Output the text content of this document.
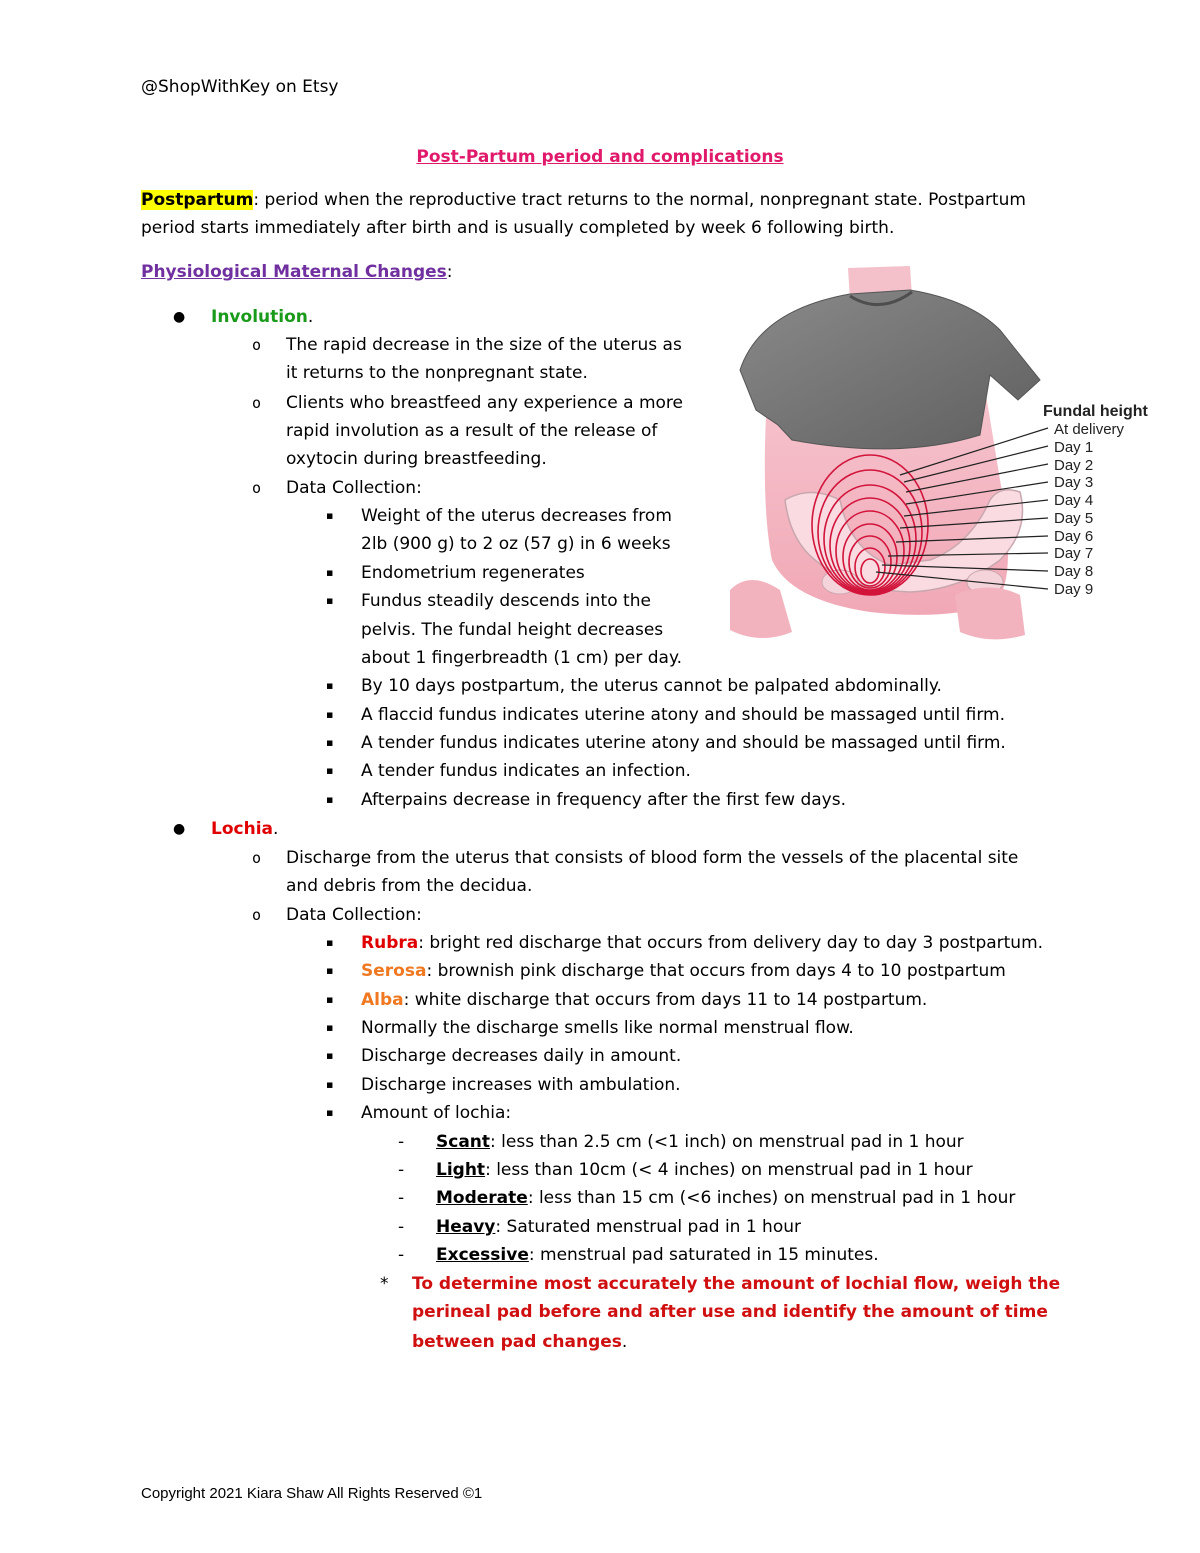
@ShopWithKey on Etsy
Post-Partum period and complications
Postpartum: period when the reproductive tract returns to the normal, nonpregnant state. Postpartum
period starts immediately after birth and is usually completed by week 6 following birth.
Physiological Maternal Changes:
● Involution.
o The rapid decrease in the size of the uterus as
it returns to the nonpregnant state.
o Clients who breastfeed any experience a more
rapid involution as a result of the release of
oxytocin during breastfeeding.
o Data Collection:
▪ Weight of the uterus decreases from
2lb (900 g) to 2 oz (57 g) in 6 weeks
▪ Endometrium regenerates
▪ Fundus steadily descends into the
pelvis. The fundal height decreases
about 1 fingerbreadth (1 cm) per day.
▪ By 10 days postpartum, the uterus cannot be palpated abdominally.
▪ A flaccid fundus indicates uterine atony and should be massaged until firm.
▪ A tender fundus indicates uterine atony and should be massaged until firm.
▪ A tender fundus indicates an infection.
▪ Afterpains decrease in frequency after the first few days.
● Lochia.
o Discharge from the uterus that consists of blood form the vessels of the placental site
and debris from the decidua.
o Data Collection:
▪ Rubra: bright red discharge that occurs from delivery day to day 3 postpartum.
▪ Serosa: brownish pink discharge that occurs from days 4 to 10 postpartum
▪ Alba: white discharge that occurs from days 11 to 14 postpartum.
▪ Normally the discharge smells like normal menstrual flow.
▪ Discharge decreases daily in amount.
▪ Discharge increases with ambulation.
▪ Amount of lochia:
- Scant: less than 2.5 cm (<1 inch) on menstrual pad in 1 hour
- Light: less than 10cm (< 4 inches) on menstrual pad in 1 hour
- Moderate: less than 15 cm (<6 inches) on menstrual pad in 1 hour
- Heavy: Saturated menstrual pad in 1 hour
- Excessive: menstrual pad saturated in 15 minutes.
* To determine most accurately the amount of lochial flow, weigh the
perineal pad before and after use and identify the amount of time
between pad changes.
Copyright 2021 Kiara Shaw All Rights Reserved ©1
Fundal height
At delivery
Day 1
Day 2
Day 3
Day 4
Day 5
Day 6
Day 7
Day 8
Day 9
